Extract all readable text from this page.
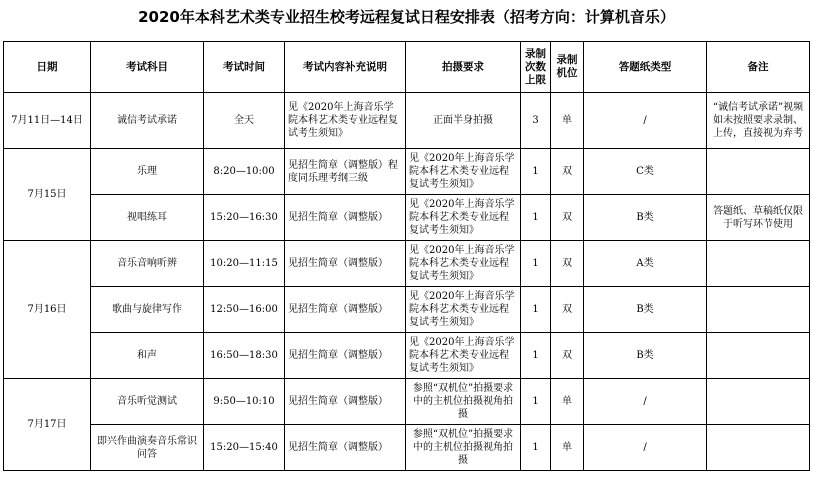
2020年本科艺术类专业招生校考远程复试日程安排表（招考方向：计算机音乐）
日期	考试科目	考试时间	考试内容补充说明	拍摄要求	录制次数上限	录制机位	答题纸类型	备注
7月11日—14日	诚信考试承诺	全天	见《2020年上海音乐学院本科艺术类专业远程复试考生须知》	正面半身拍摄	3	单	/	“诚信考试承诺”视频如未按照要求录制、上传，直接视为弃考
7月15日	乐理	8:20—10:00	见招生简章（调整版）程度同乐理考纲三级	见《2020年上海音乐学院本科艺术类专业远程复试考生须知》	1	双	C类	
	视唱练耳	15:20—16:30	见招生简章（调整版）	见《2020年上海音乐学院本科艺术类专业远程复试考生须知》	1	双	B类	答题纸、草稿纸仅限于听写环节使用
7月16日	音乐音响听辨	10:20—11:15	见招生简章（调整版）	见《2020年上海音乐学院本科艺术类专业远程复试考生须知》	1	双	A类	
	歌曲与旋律写作	12:50—16:00	见招生简章（调整版）	见《2020年上海音乐学院本科艺术类专业远程复试考生须知》	1	双	B类	
	和声	16:50—18:30	见招生简章（调整版）	见《2020年上海音乐学院本科艺术类专业远程复试考生须知》	1	双	B类	
7月17日	音乐听觉测试	9:50—10:10	见招生简章（调整版）	参照“双机位”拍摄要求中的主机位拍摄视角拍摄	1	单	/	
	即兴作曲演奏音乐常识问答	15:20—15:40	见招生简章（调整版）	参照“双机位”拍摄要求中的主机位拍摄视角拍摄	1	单	/	
